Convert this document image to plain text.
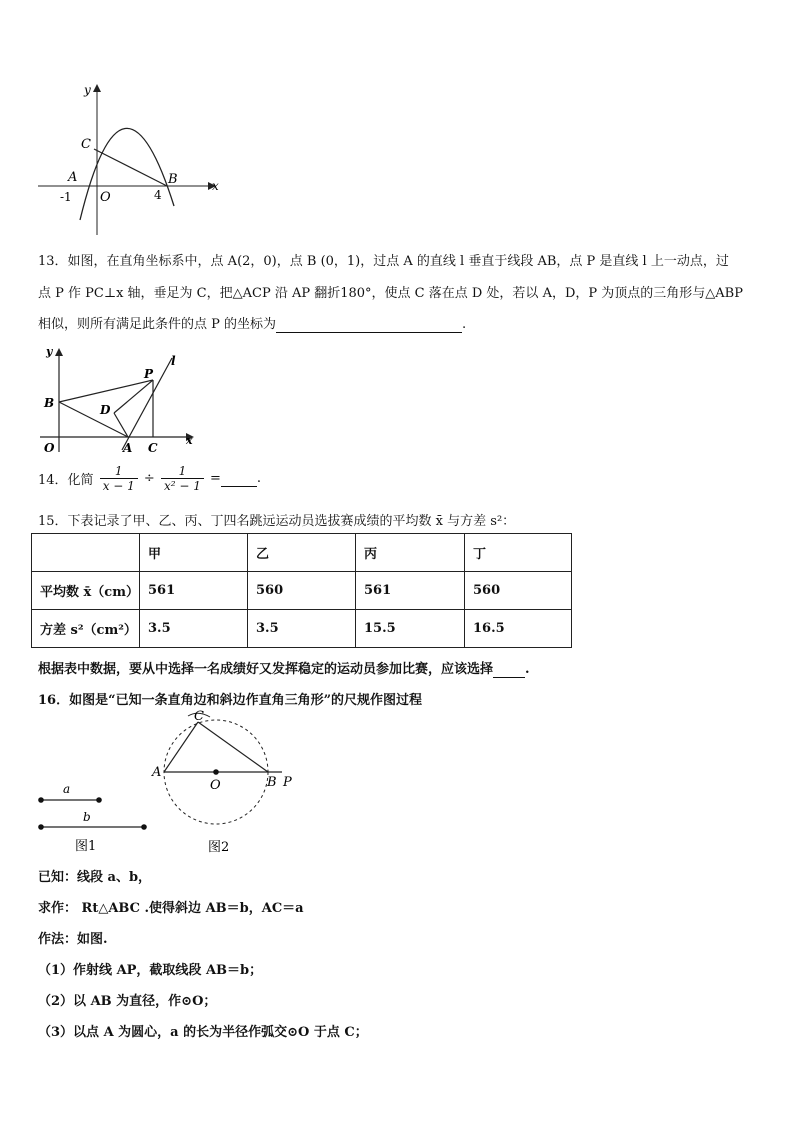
y
x
C
A	B
O
-1	4
13．如图，在直角坐标系中，点 A(2，0)，点 B (0，1)，过点 A 的直线 l 垂直于线段 AB，点 P 是直线 l 上一动点，过
点 P 作 PC⊥x 轴，垂足为 C，把△ACP 沿 AP 翻折180°，使点 C 落在点 D 处，若以 A，D，P 为顶点的三角形与△ABP
相似，则所有满足此条件的点 P 的坐标为	.
y
x
l
P
B	D
O	A C
14．化简 $\frac{1}{x - 1} \div \frac{1}{\text{x² − 1}}$ =	.
15．下表记录了甲、乙、丙、丁四名跳远运动员选拔赛成绩的平均数 x̄ 与方差 s²：
	甲	乙	丙	丁
平均数 x̄（cm）	561	560	561	560
方差 s²（cm²）	3.5	3.5	15.5	16.5
根据表中数据，要从中选择一名成绩好又发挥稳定的运动员参加比赛，应该选择 .
16．如图是“已知一条直角边和斜边作直角三角形”的尺规作图过程
a
b
图1
C
A
O	B P
图2
已知：线段 a、b，
求作： Rt△ABC .使得斜边 AB＝b，AC＝a
作法：如图.
（1）作射线 AP，截取线段 AB＝b；
（2）以 AB 为直径，作⊙O；
（3）以点 A 为圆心，a 的长为半径作弧交⊙O 于点 C；
